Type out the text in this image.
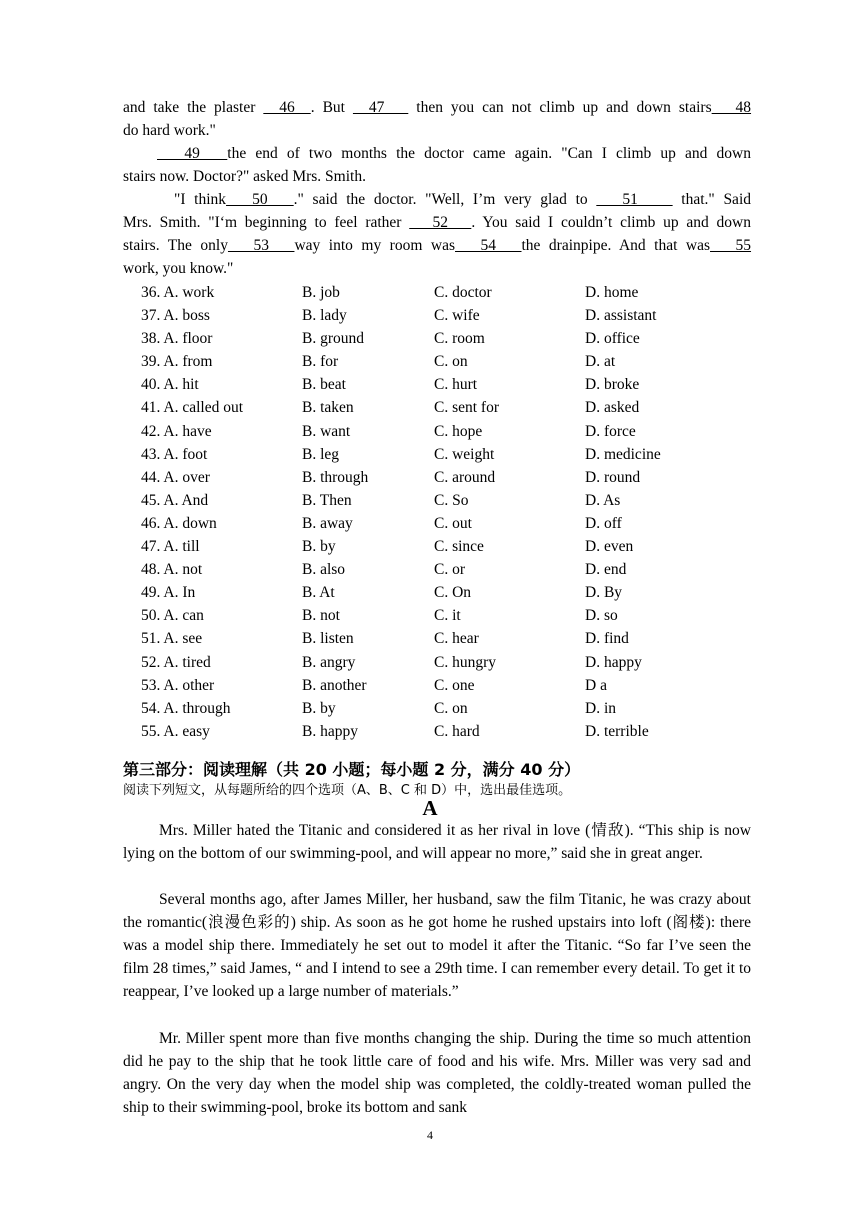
and take the plaster   46  . But   47    then you can not climb up and down stairs   48
do hard work."
49   the end of two months the doctor came again. "Can I climb up and down
stairs now. Doctor?" asked Mrs. Smith.
"I think   50   ." said the doctor. "Well, I’m very glad to    51     that." Said
Mrs. Smith. "I‘m beginning to feel rather    52   . You said I couldn’t climb up and down
stairs. The only   53   way into my room was   54   the drainpipe. And that was   55
work, you know."
36. A. work	B. job	C. doctor	D. home
37. A. boss	B. lady	C. wife	D. assistant
38. A. floor	B. ground	C. room	D. office
39. A. from	B. for	C. on	D. at
40. A. hit	B. beat	C. hurt	D. broke
41. A. called out	B. taken	C. sent for	D. asked
42. A. have	B. want	C. hope	D. force
43. A. foot	B. leg	C. weight	D. medicine
44. A. over	B. through	C. around	D. round
45. A. And	B. Then	C. So	D. As
46. A. down	B. away	C. out	D. off
47. A. till	B. by	C. since	D. even
48. A. not	B. also	C. or	D. end
49. A. In	B. At	C. On	D. By
50. A. can	B. not	C. it	D. so
51. A. see	B. listen	C. hear	D. find
52. A. tired	B. angry	C. hungry	D. happy
53. A. other	B. another	C. one	D a
54. A. through	B. by	C. on	D. in
55. A. easy	B. happy	C. hard	D. terrible
第三部分：阅读理解（共 20 小题；每小题 2 分，满分 40 分）
阅读下列短文，从每题所给的四个选项（A、B、C 和 D）中，选出最佳选项。
A
Mrs. Miller hated the Titanic and considered it as her rival in love (情敌). “This ship is now lying on the bottom of our swimming-pool, and will appear no more,” said she in great anger.
Several months ago, after James Miller, her husband, saw the film Titanic, he was crazy about the romantic(浪漫色彩的) ship. As soon as he got home he rushed upstairs into loft (阁楼): there was a model ship there. Immediately he set out to model it after the Titanic. “So far I’ve seen the film 28 times,” said James, “ and I intend to see a 29th time. I can remember every detail. To get it to reappear, I’ve looked up a large number of materials.”
Mr. Miller spent more than five months changing the ship. During the time so much attention did he pay to the ship that he took little care of food and his wife. Mrs. Miller was very sad and angry. On the very day when the model ship was completed, the coldly-treated woman pulled the ship to their swimming-pool, broke its bottom and sank
4
